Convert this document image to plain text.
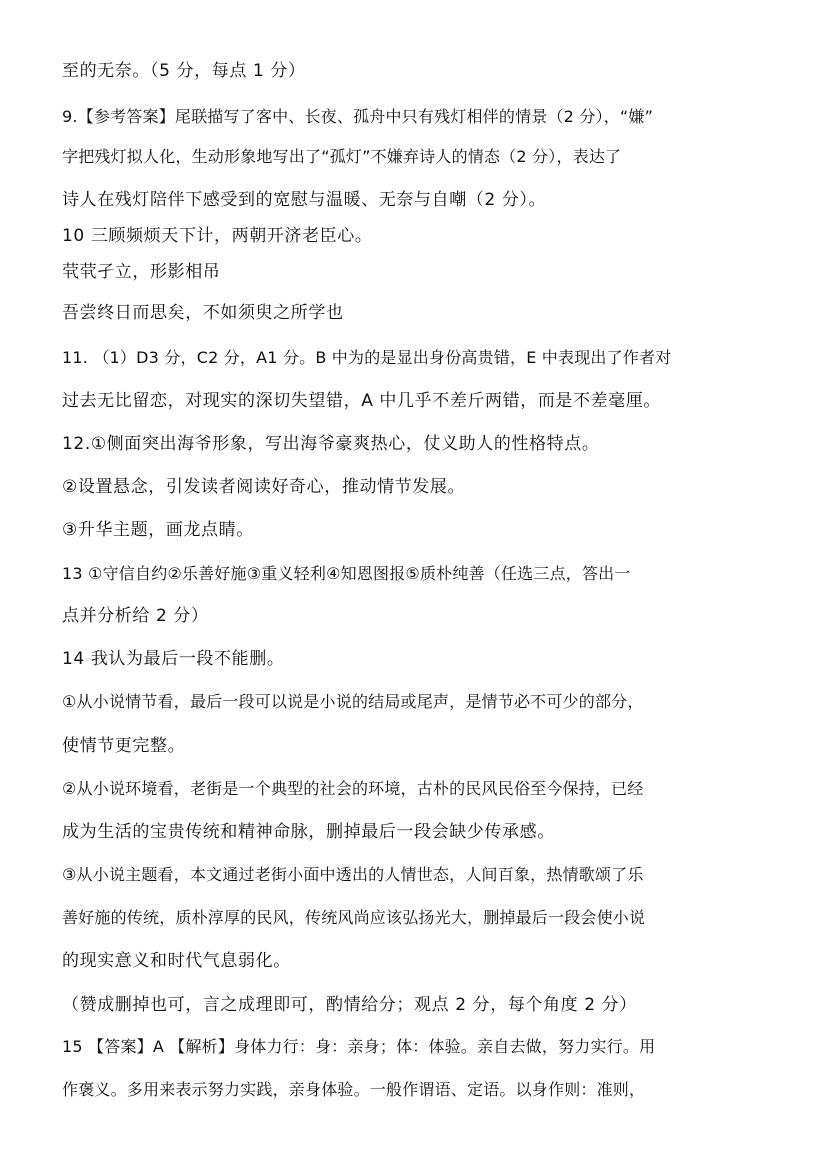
至的无奈。（5 分，每点 1 分）
9.【参考答案】尾联描写了客中、长夜、孤舟中只有残灯相伴的情景（2 分），“嫌”
字把残灯拟人化，生动形象地写出了“孤灯”不嫌弃诗人的情态（2 分），表达了
诗人在残灯陪伴下感受到的宽慰与温暖、无奈与自嘲（2 分）。
10 三顾频烦天下计，两朝开济老臣心。
茕茕孑立，形影相吊
吾尝终日而思矣，不如须臾之所学也
11. （1）D3 分，C2 分，A1 分。B 中为的是显出身份高贵错，E 中表现出了作者对
过去无比留恋，对现实的深切失望错，A 中几乎不差斤两错，而是不差毫厘。
12.①侧面突出海爷形象，写出海爷豪爽热心，仗义助人的性格特点。
②设置悬念，引发读者阅读好奇心，推动情节发展。
③升华主题，画龙点睛。
13 ①守信自约②乐善好施③重义轻利④知恩图报⑤质朴纯善（任选三点，答出一
点并分析给 2 分）
14 我认为最后一段不能删。
①从小说情节看，最后一段可以说是小说的结局或尾声，是情节必不可少的部分，
使情节更完整。
②从小说环境看，老街是一个典型的社会的环境，古朴的民风民俗至今保持，已经
成为生活的宝贵传统和精神命脉，删掉最后一段会缺少传承感。
③从小说主题看，本文通过老街小面中透出的人情世态，人间百象，热情歌颂了乐
善好施的传统，质朴淳厚的民风，传统风尚应该弘扬光大，删掉最后一段会使小说
的现实意义和时代气息弱化。
（赞成删掉也可，言之成理即可，酌情给分；观点 2 分，每个角度 2 分）
15 【答案】A 【解析】身体力行：身：亲身；体：体验。亲自去做，努力实行。用
作褒义。多用来表示努力实践，亲身体验。一般作谓语、定语。以身作则：准则，
